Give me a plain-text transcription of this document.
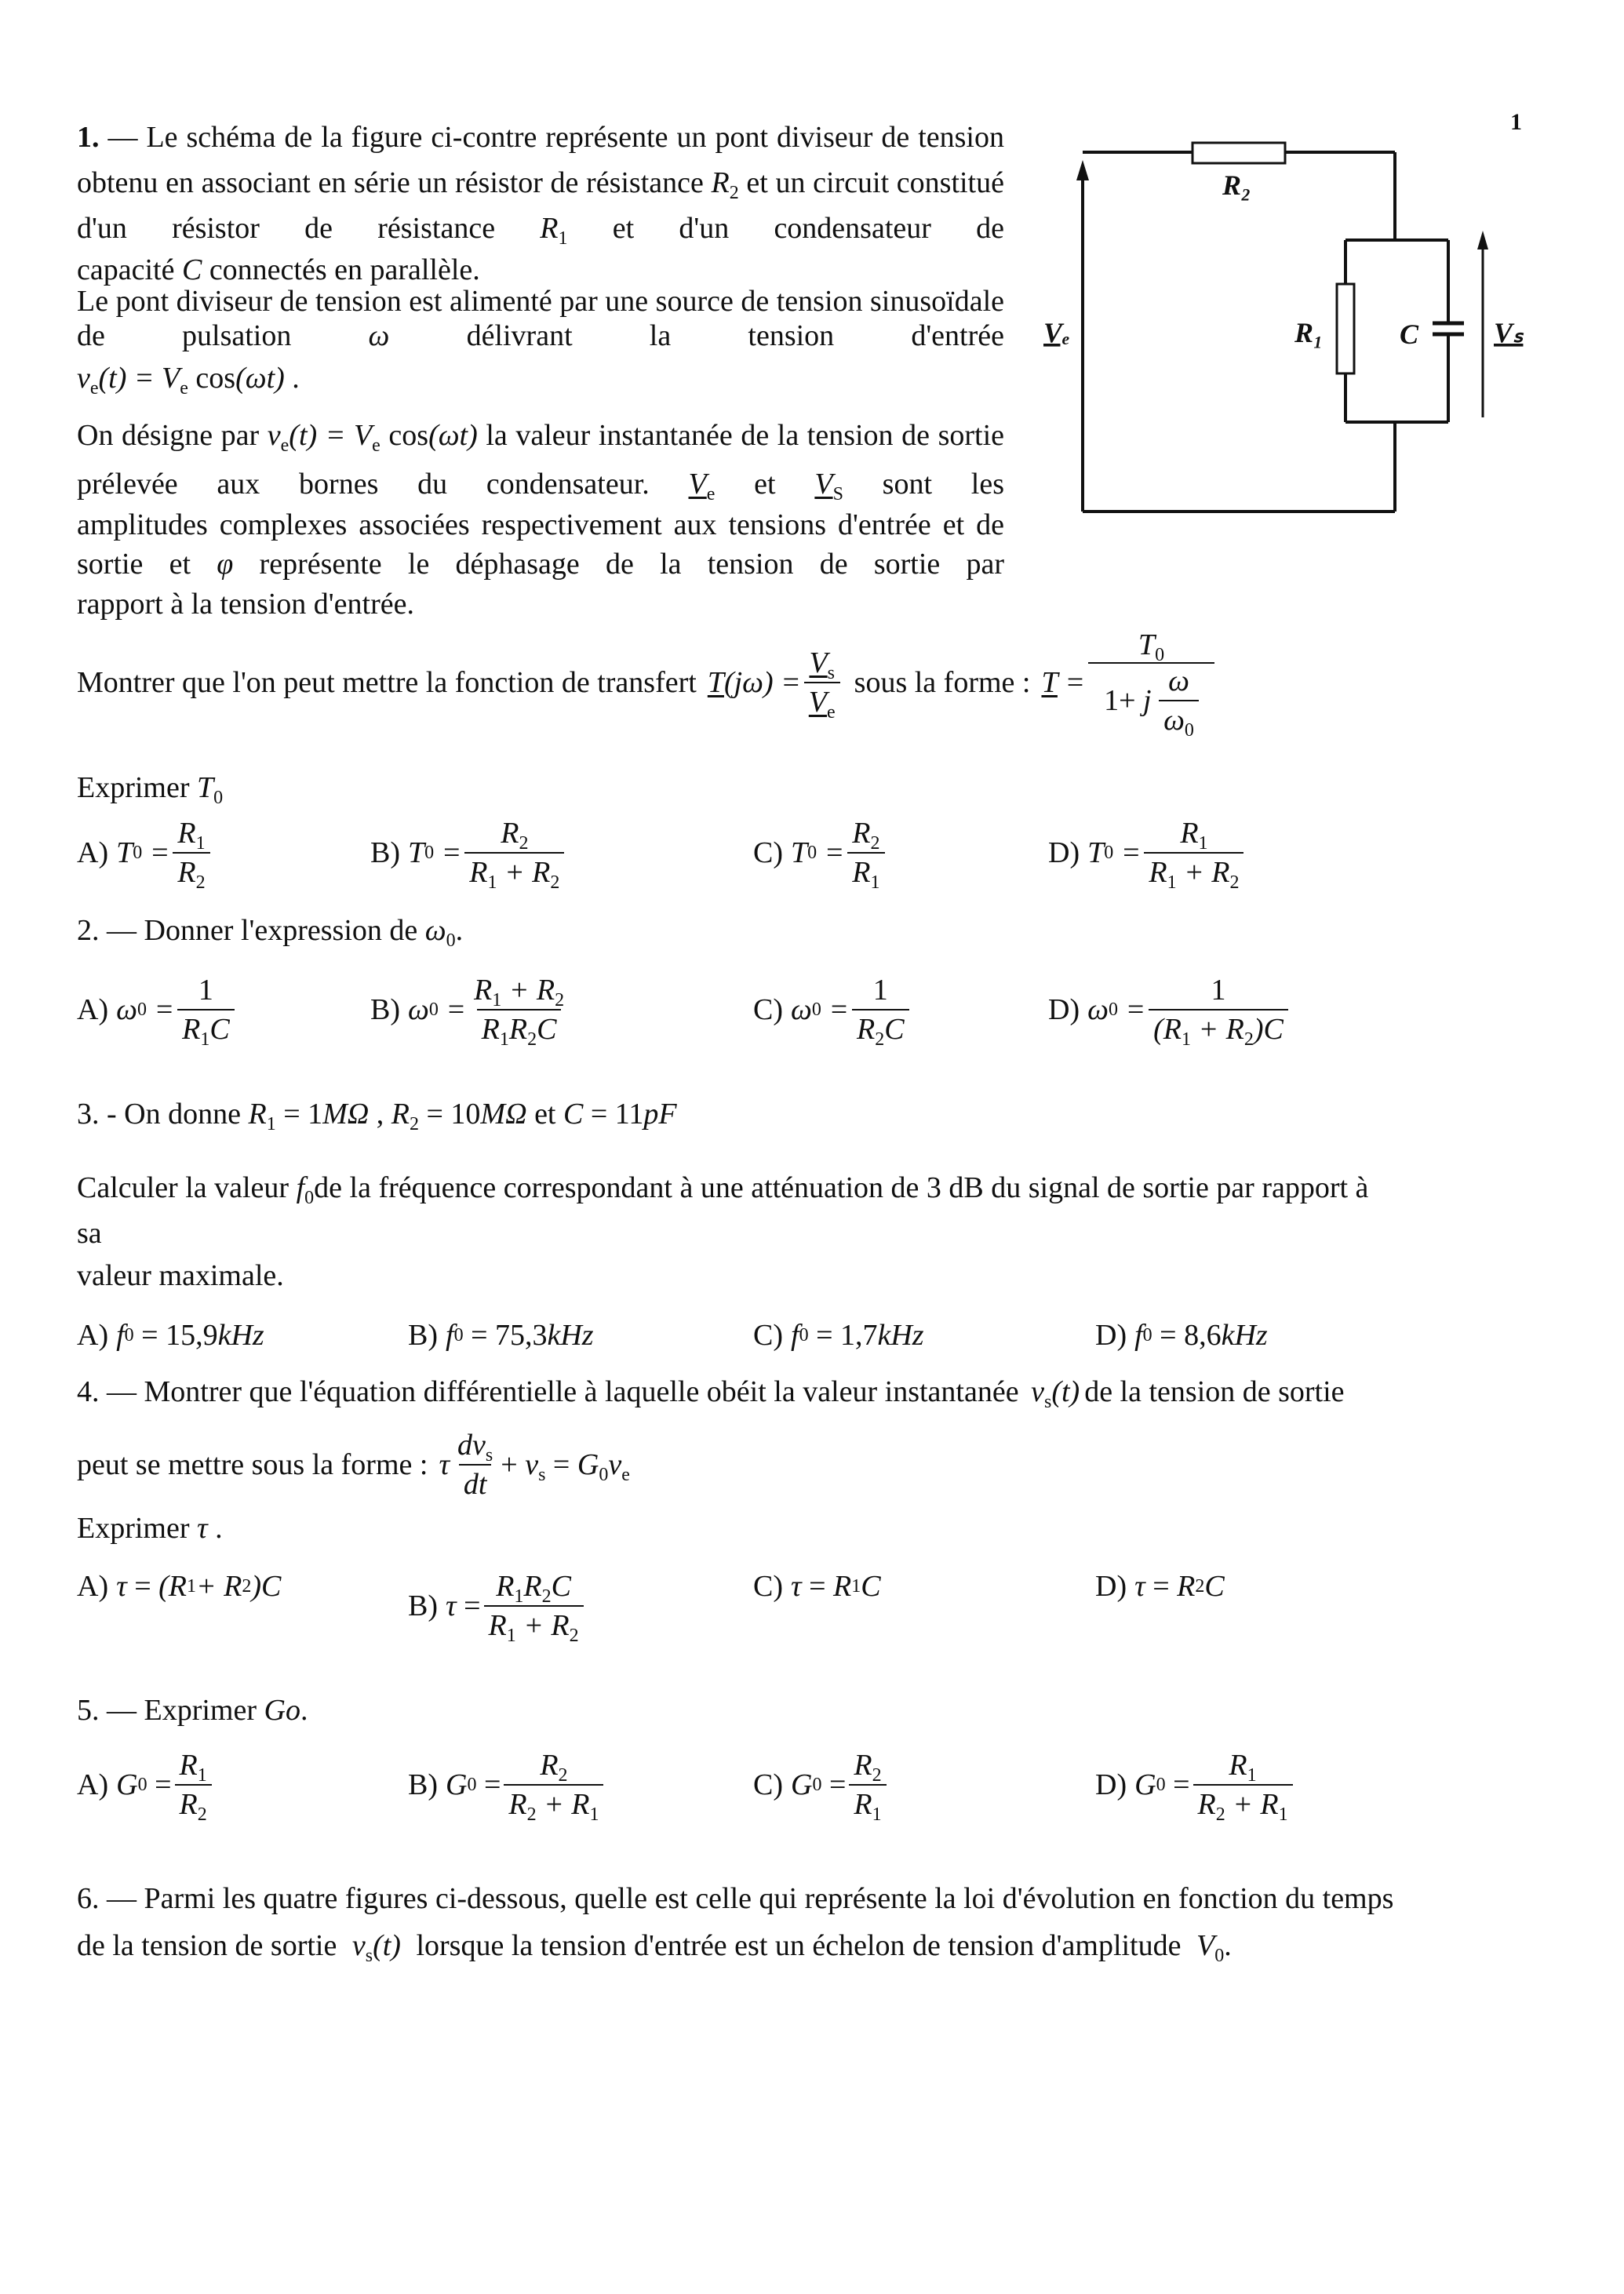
1
1. — Le schéma de la figure ci-contre représente un pont diviseur de tension obtenu en associant en série un résistor de résistance $R_2$ et un circuit constitué d'un résistor de résistance $R_1$ et d'un condensateur de
capacité C connectés en parallèle.
Le pont diviseur de tension est alimenté par une source de tension sinusoïdale de pulsation ω délivrant la tension d'entrée
$v_e(t) = V_e$ cos(ωt) .
On désigne par $v_e(t) = V_e$ cos(ωt) la valeur instantanée de la tension de sortie prélevée aux bornes du condensateur. $V_e$ et $V_S$ sont les
amplitudes complexes associées respectivement aux tensions d'entrée et de sortie et φ représente le déphasage de la tension de sortie par
rapport à la tension d'entrée.
Montrer que l'on peut mettre la fonction de transfert $T(j\omega) = \frac{V_s}{V_e}$ sous la forme : $T = \frac{T_0}{1+ j \frac{\omega}{\omega_0}}$
Exprimer $T_0$
A) T $0 = \frac{R_1}{R_2}$	B) T $0 = \frac{R_2}{R_1 + R_2}$	C) T $0 = \frac{R_2}{R_1}$	D) T $0 = \frac{R_1}{R_1 + R_2}$
2. — Donner l'expression de $\omega_0$.
A) ω $0 = \frac{1}{R_1C}$	B) ω $0 = \frac{R_1 + R_2}{R_1R_2C}$	C) ω $0 = \frac{1}{R_2C}$	D) ω $0 = \frac{1}{(R_1 + R_2)C}$
3. - On donne $R_1 = 1M\Omega$ , $R_2 = 10M\Omega$ et C = 11pF
Calculer la valeur $f_0de$ la fréquence correspondant à une atténuation de 3 dB du signal de sortie par rapport à
sa
valeur maximale.
A) f 0
= 15,9 kHz	B) f 0
= 75,3 kHz	C) f 0
= 1,7 kHz	D) f 0
= 8,6 kHz
4. — Montrer que l'équation différentielle à laquelle obéit la valeur instantanée $v_s(t)$ de la tension de sortie
peut se mettre sous la forme : τ $\frac{dv_s}{dt} + v_s = G_0v_e$
Exprimer τ .
A) τ = (R 1 + R 2 )C
B) $\tau = \frac{R_1R_2C}{R_1 + R_2}$	C) τ = R 1 C	D) τ = R 2 C
5. — Exprimer Go.
A) G 0
= $\frac{R_1}{R_2}$	B) G 0
= $\frac{R_2}{R_2 + R_1}$	C) G 0
= $\frac{R_2}{R_1}$	D) G 0
= $\frac{R_1}{R_2 + R_1}$
6. — Parmi les quatre figures ci-dessous, quelle est celle qui représente la loi d'évolution en fonction du temps
de la tension de sortie $v_s(t)$ lorsque la tension d'entrée est un échelon de tension d'amplitude $V_0$.
R₂
R₁	C
Vₑ	Vₛ
